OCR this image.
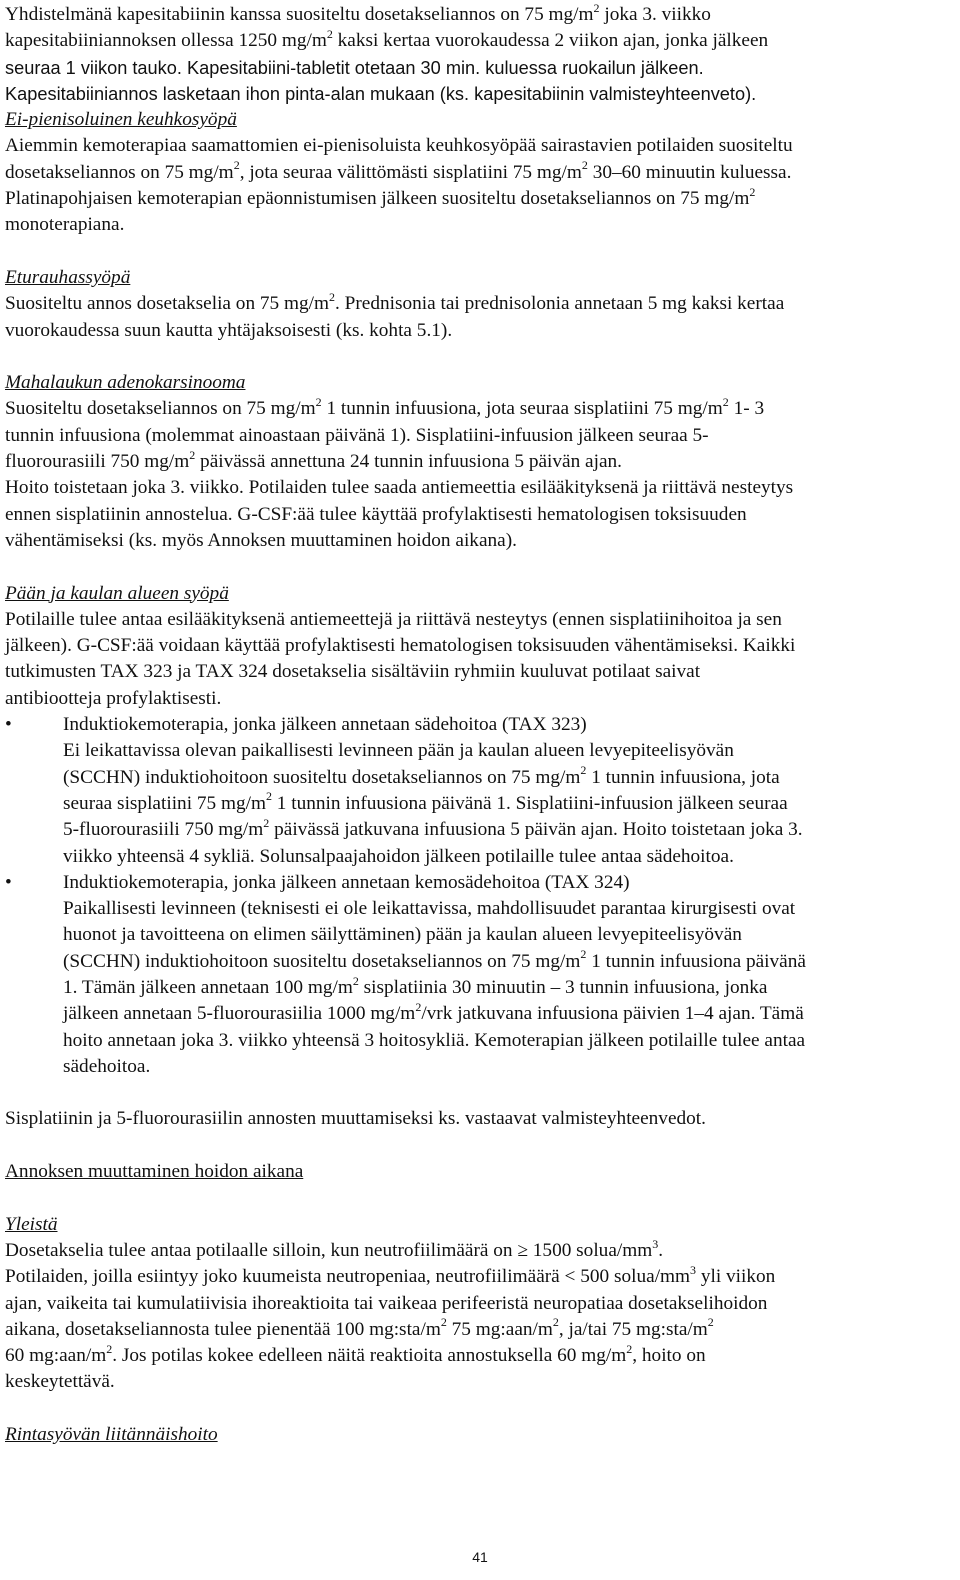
Yhdistelmänä kapesitabiinin kanssa suositeltu dosetakseliannos on 75 $mg/m^2$ joka 3. viikko
kapesitabiiniannoksen ollessa 1250 $mg/m^2$ kaksi kertaa vuorokaudessa 2 viikon ajan, jonka jälkeen
seuraa 1 viikon tauko. Kapesitabiini-tabletit otetaan 30 min. kuluessa ruokailun jälkeen.
Kapesitabiiniannos lasketaan ihon pinta-alan mukaan (ks. kapesitabiinin valmisteyhteenveto).
Ei-pienisoluinen keuhkosyöpä
Aiemmin kemoterapiaa saamattomien ei-pienisoluista keuhkosyöpää sairastavien potilaiden suositeltu
dosetakseliannos on 75 $mg/m^2$, jota seuraa välittömästi sisplatiini 75 $mg/m^2$ 30–60 minuutin kuluessa.
Platinapohjaisen kemoterapian epäonnistumisen jälkeen suositeltu dosetakseliannos on 75 $mg/m^2$
monoterapiana.
Eturauhassyöpä
Suositeltu annos dosetakselia on 75 $mg/m^2$. Prednisonia tai prednisolonia annetaan 5 mg kaksi kertaa
vuorokaudessa suun kautta yhtäjaksoisesti (ks. kohta 5.1).
Mahalaukun adenokarsinooma
Suositeltu dosetakseliannos on 75 $mg/m^2$ 1 tunnin infuusiona, jota seuraa sisplatiini 75 $mg/m^2$ 1- 3
tunnin infuusiona (molemmat ainoastaan päivänä 1). Sisplatiini-infuusion jälkeen seuraa 5-
fluorourasiili 750 $mg/m^2$ päivässä annettuna 24 tunnin infuusiona 5 päivän ajan.
Hoito toistetaan joka 3. viikko. Potilaiden tulee saada antiemeettia esilääkityksenä ja riittävä nesteytys
ennen sisplatiinin annostelua. G-CSF:ää tulee käyttää profylaktisesti hematologisen toksisuuden
vähentämiseksi (ks. myös Annoksen muuttaminen hoidon aikana).
Pään ja kaulan alueen syöpä
Potilaille tulee antaa esilääkityksenä antiemeettejä ja riittävä nesteytys (ennen sisplatiinihoitoa ja sen
jälkeen). G-CSF:ää voidaan käyttää profylaktisesti hematologisen toksisuuden vähentämiseksi. Kaikki
tutkimusten TAX 323 ja TAX 324 dosetakselia sisältäviin ryhmiin kuuluvat potilaat saivat
antibiootteja profylaktisesti.
•	Induktiokemoterapia, jonka jälkeen annetaan sädehoitoa (TAX 323)
Ei leikattavissa olevan paikallisesti levinneen pään ja kaulan alueen levyepiteelisyövän
(SCCHN) induktiohoitoon suositeltu dosetakseliannos on 75 $mg/m^2$ 1 tunnin infuusiona, jota
seuraa sisplatiini 75 $mg/m^2$ 1 tunnin infuusiona päivänä 1. Sisplatiini-infuusion jälkeen seuraa
5-fluorourasiili 750 $mg/m^2$ päivässä jatkuvana infuusiona 5 päivän ajan. Hoito toistetaan joka 3.
viikko yhteensä 4 sykliä. Solunsalpaajahoidon jälkeen potilaille tulee antaa sädehoitoa.
•	Induktiokemoterapia, jonka jälkeen annetaan kemosädehoitoa (TAX 324)
Paikallisesti levinneen (teknisesti ei ole leikattavissa, mahdollisuudet parantaa kirurgisesti ovat
huonot ja tavoitteena on elimen säilyttäminen) pään ja kaulan alueen levyepiteelisyövän
(SCCHN) induktiohoitoon suositeltu dosetakseliannos on 75 $mg/m^2$ 1 tunnin infuusiona päivänä
1. Tämän jälkeen annetaan 100 $mg/m^2$ sisplatiinia 30 minuutin – 3 tunnin infuusiona, jonka
jälkeen annetaan 5-fluorourasiilia 1000 $mg/m^2$/vrk jatkuvana infuusiona päivien 1–4 ajan. Tämä
hoito annetaan joka 3. viikko yhteensä 3 hoitosykliä. Kemoterapian jälkeen potilaille tulee antaa
sädehoitoa.
Sisplatiinin ja 5-fluorourasiilin annosten muuttamiseksi ks. vastaavat valmisteyhteenvedot.
Annoksen muuttaminen hoidon aikana
Yleistä
Dosetakselia tulee antaa potilaalle silloin, kun neutrofiilimäärä on ≥ 1500 solua/$mm^3$.
Potilaiden, joilla esiintyy joko kuumeista neutropeniaa, neutrofiilimäärä < 500 solua/$mm^3$ yli viikon
ajan, vaikeita tai kumulatiivisia ihoreaktioita tai vaikeaa perifeeristä neuropatiaa dosetakselihoidon
aikana, dosetakseliannosta tulee pienentää 100 $mg:sta/m^2$ 75 $mg:aan/m^2$, ja/tai 75 $mg:sta/m^2$
60 $mg:aan/m^2$. Jos potilas kokee edelleen näitä reaktioita annostuksella 60 $mg/m^2$, hoito on
keskeytettävä.
Rintasyövän liitännäishoito
41
